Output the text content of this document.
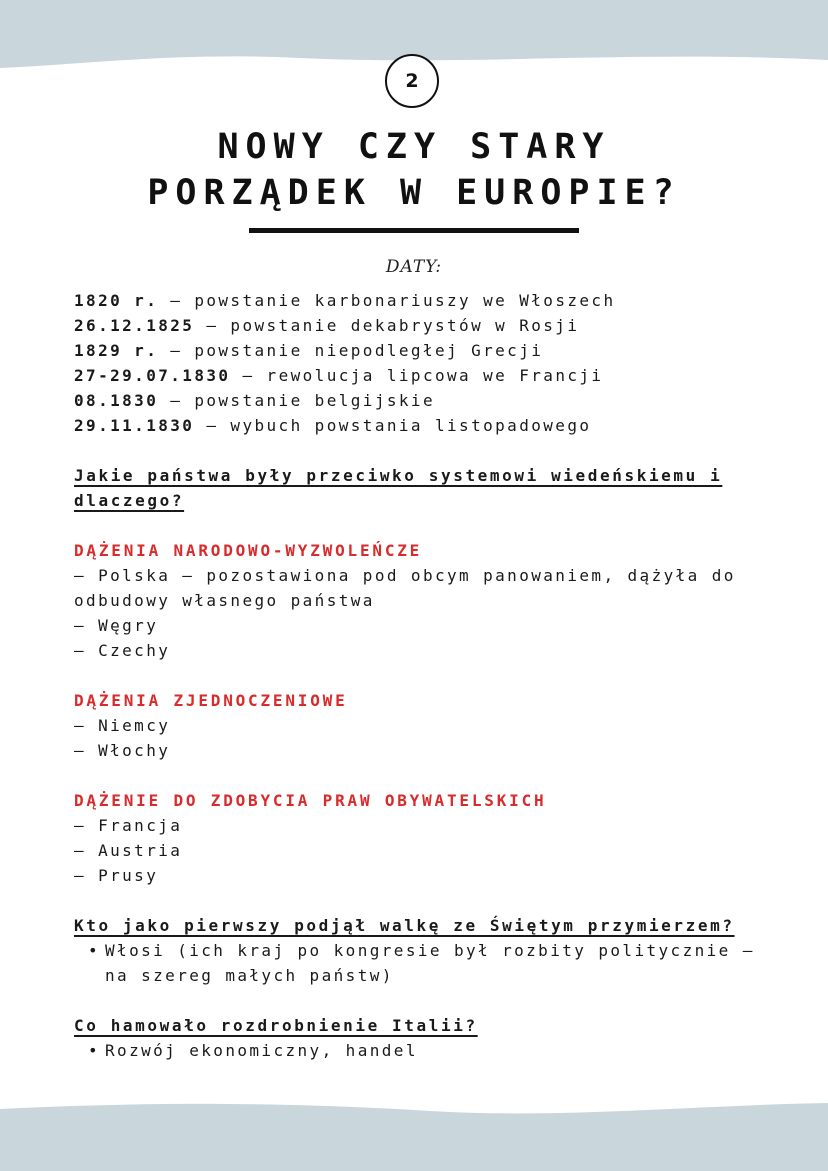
2
NOWY CZY STARY
PORZĄDEK W EUROPIE?
DATY:
1820 r. – powstanie karbonariuszy we Włoszech
26.12.1825 – powstanie dekabrystów w Rosji
1829 r. – powstanie niepodległej Grecji
27-29.07.1830 – rewolucja lipcowa we Francji
08.1830 – powstanie belgijskie
29.11.1830 – wybuch powstania listopadowego
Jakie państwa były przeciwko systemowi wiedeńskiemu i dlaczego?
DĄŻENIA NARODOWO-WYZWOLEŃCZE
– Polska – pozostawiona pod obcym panowaniem, dążyła do odbudowy własnego państwa
– Węgry
– Czechy
DĄŻENIA ZJEDNOCZENIOWE
– Niemcy
– Włochy
DĄŻENIE DO ZDOBYCIA PRAW OBYWATELSKICH
– Francja
– Austria
– Prusy
Kto jako pierwszy podjął walkę ze Świętym przymierzem?
• Włosi (ich kraj po kongresie był rozbity politycznie – na szereg małych państw)
Co hamowało rozdrobnienie Italii?
• Rozwój ekonomiczny, handel
